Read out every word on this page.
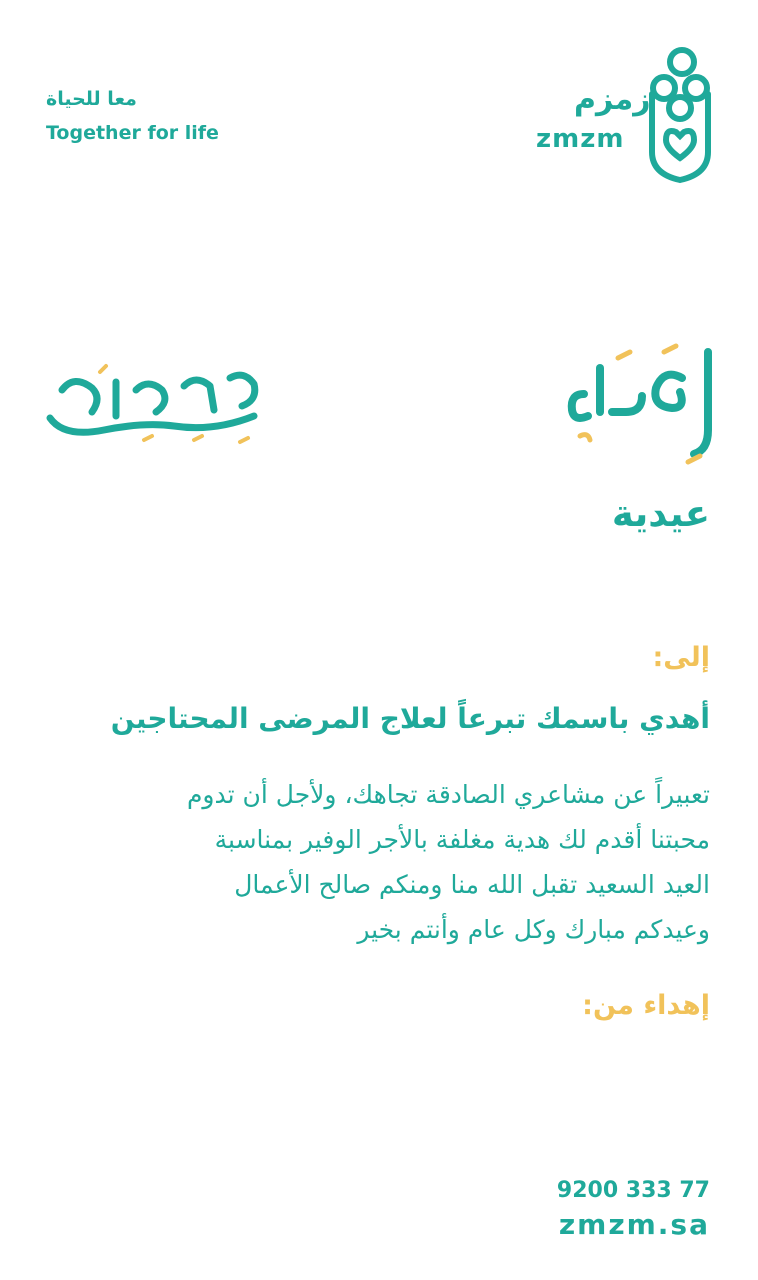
معا للحياة
Together for life
زمزم
zmzm
عيدية
إلى:
أهدي باسمك تبرعاً لعلاج المرضى المحتاجين
تعبيراً عن مشاعري الصادقة تجاهك، ولأجل أن تدوم
محبتنا أقدم لك هدية مغلفة بالأجر الوفير بمناسبة
العيد السعيد تقبل الله منا ومنكم صالح الأعمال
وعيدكم مبارك وكل عام وأنتم بخير
إهداء من:
9200 333 77
zmzm.sa
